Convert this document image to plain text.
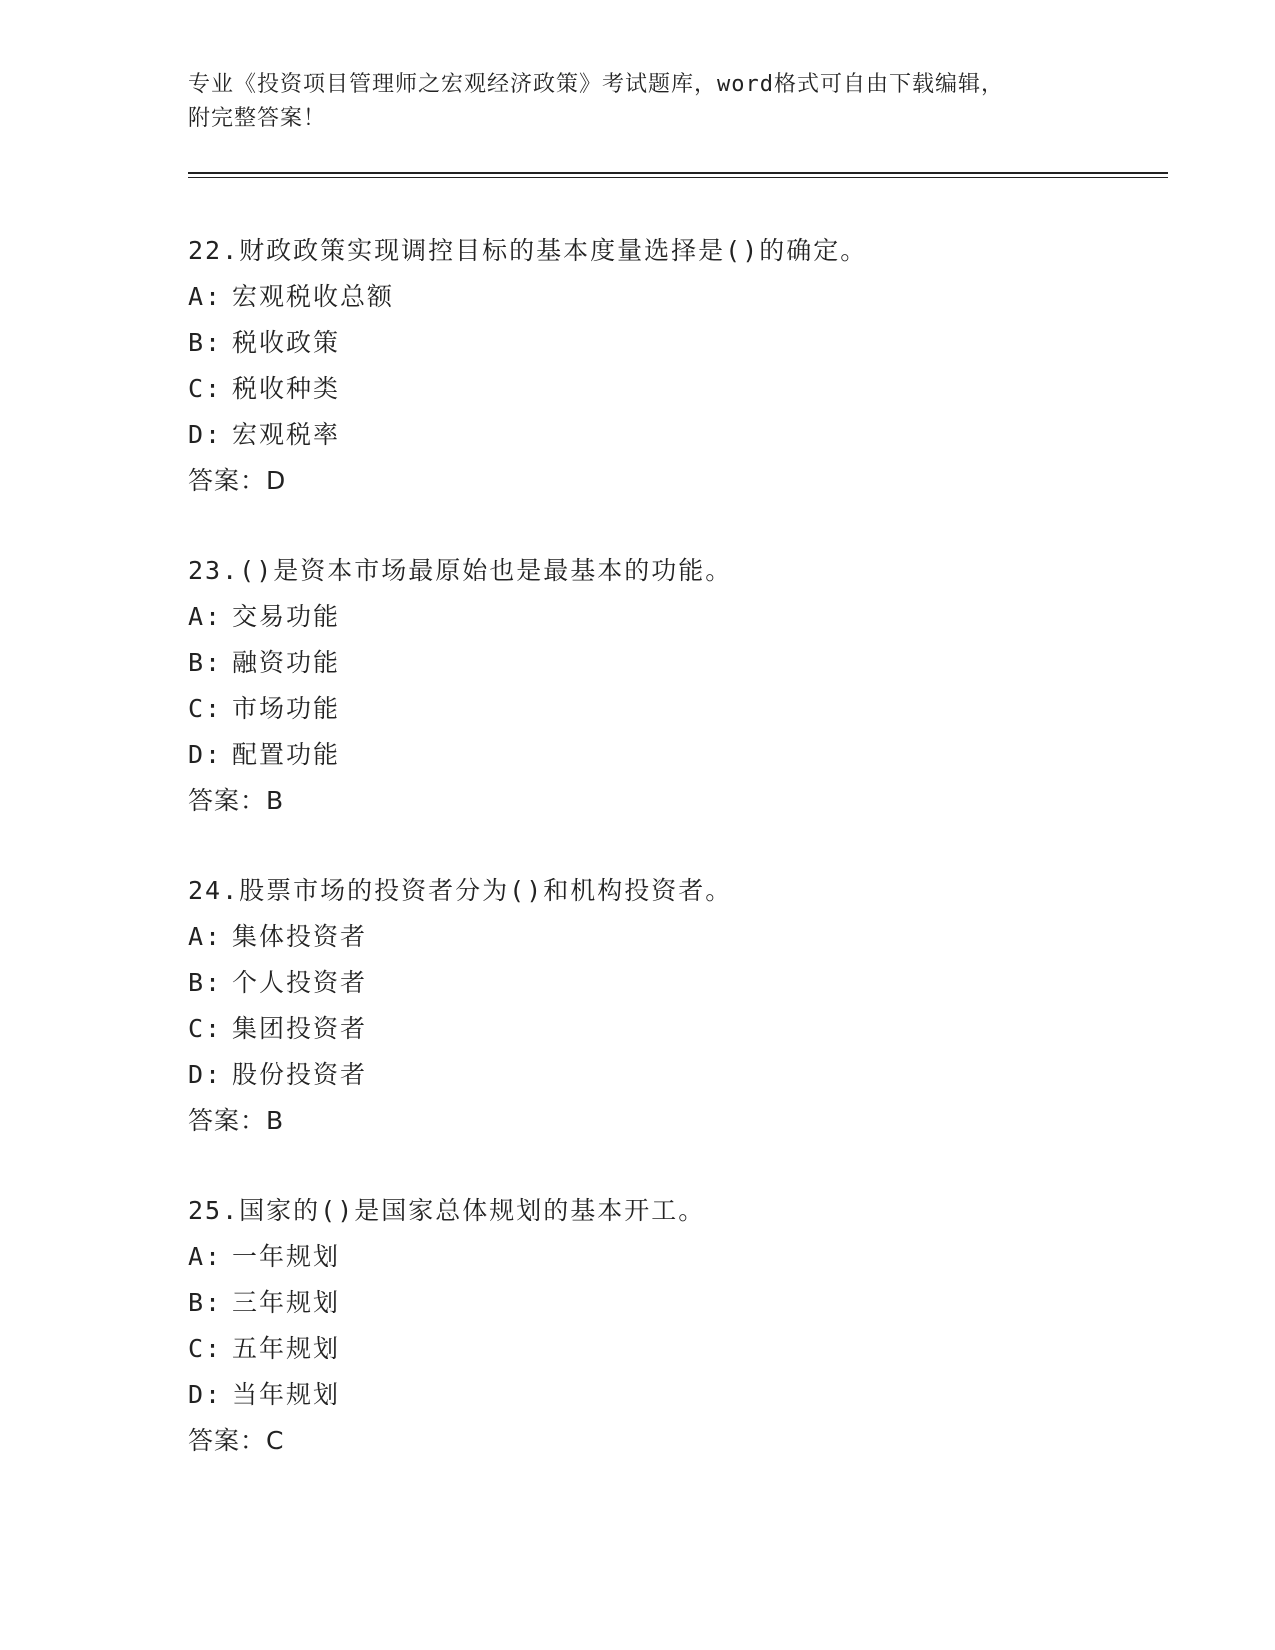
专业《投资项目管理师之宏观经济政策》考试题库，word格式可自由下载编辑，
附完整答案！
22.财政政策实现调控目标的基本度量选择是()的确定。
A: 宏观税收总额
B: 税收政策
C: 税收种类
D: 宏观税率
答案：D
23.()是资本市场最原始也是最基本的功能。
A: 交易功能
B: 融资功能
C: 市场功能
D: 配置功能
答案：B
24.股票市场的投资者分为()和机构投资者。
A: 集体投资者
B: 个人投资者
C: 集团投资者
D: 股份投资者
答案：B
25.国家的()是国家总体规划的基本开工。
A: 一年规划
B: 三年规划
C: 五年规划
D: 当年规划
答案：C
